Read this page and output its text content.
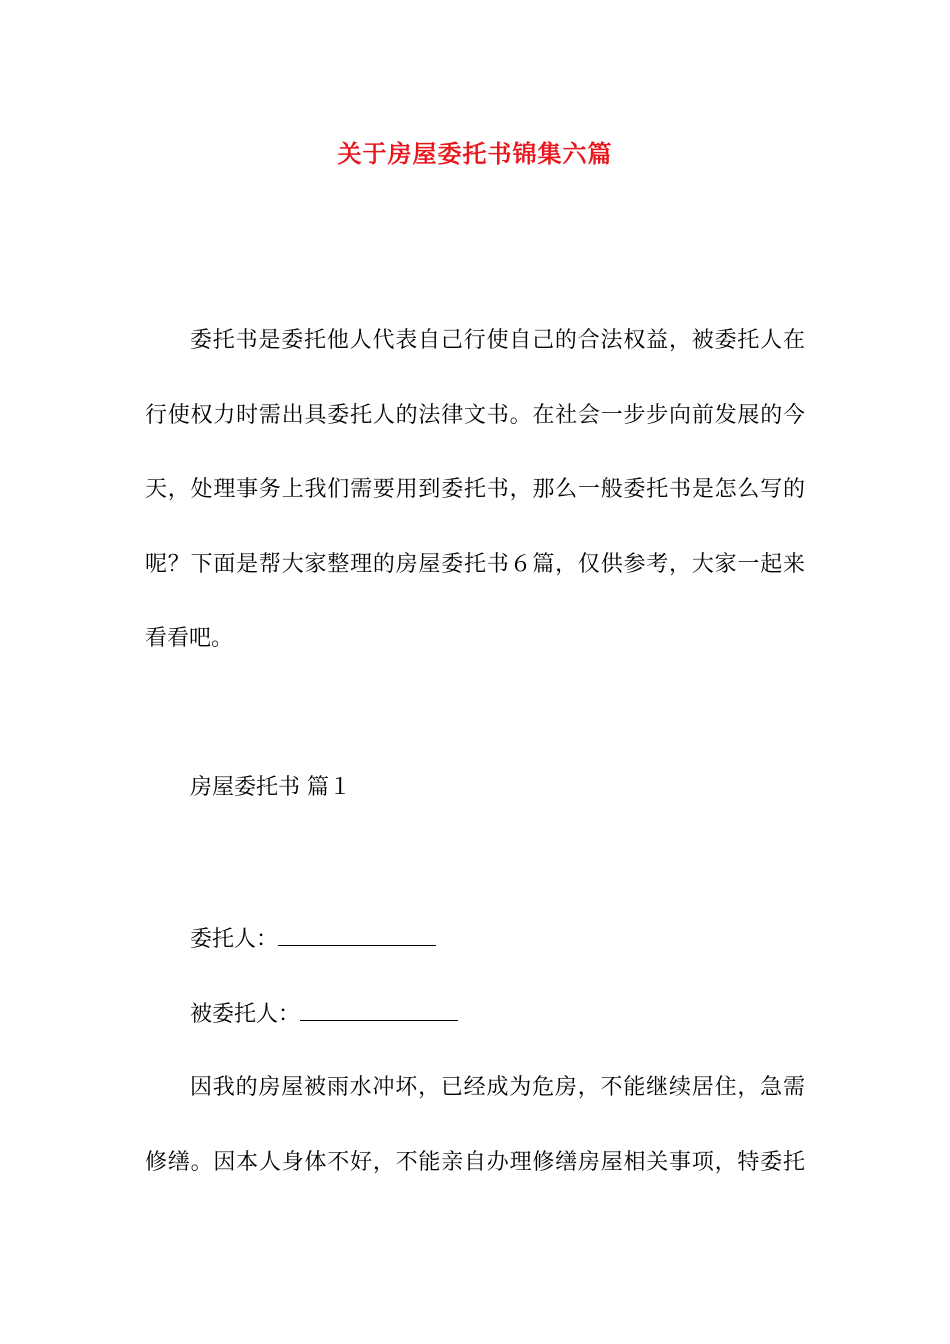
关于房屋委托书锦集六篇
委托书是委托他人代表自己行使自己的合法权益，被委托人在
行使权力时需出具委托人的法律文书。在社会一步步向前发展的今
天，处理事务上我们需要用到委托书，那么一般委托书是怎么写的
呢？下面是帮大家整理的房屋委托书６篇，仅供参考，大家一起来
看看吧。
房屋委托书 篇１
委托人：
被委托人：
因我的房屋被雨水冲坏，已经成为危房，不能继续居住，急需
修缮。因本人身体不好，不能亲自办理修缮房屋相关事项，特委托
